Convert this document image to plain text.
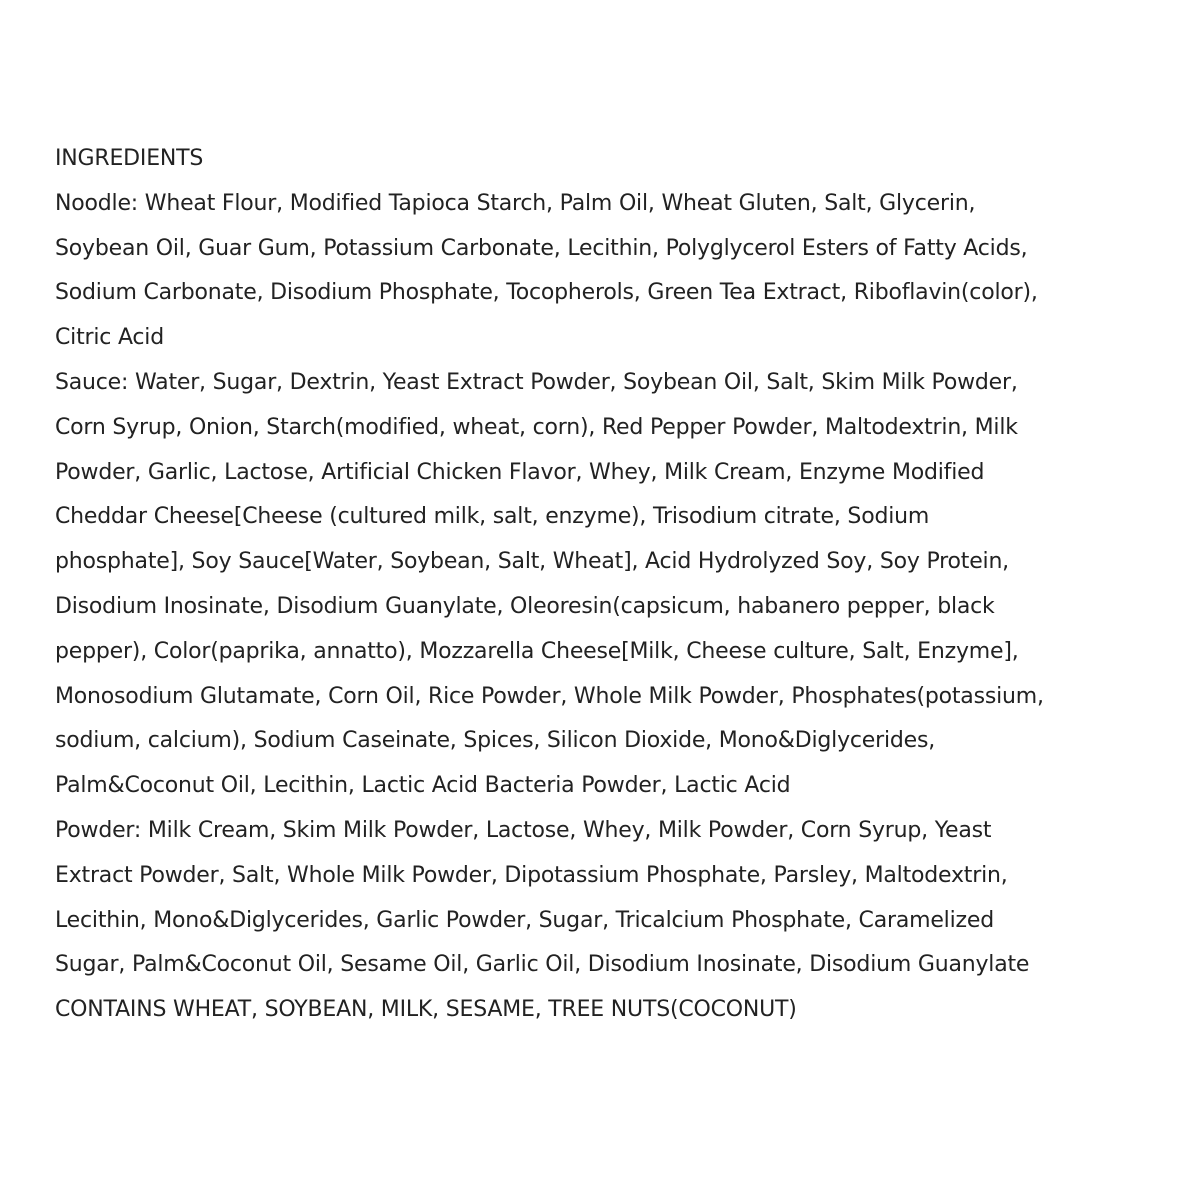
INGREDIENTS
Noodle: Wheat Flour, Modified Tapioca Starch, Palm Oil, Wheat Gluten, Salt, Glycerin,
Soybean Oil, Guar Gum, Potassium Carbonate, Lecithin, Polyglycerol Esters of Fatty Acids,
Sodium Carbonate, Disodium Phosphate, Tocopherols, Green Tea Extract, Riboflavin(color),
Citric Acid
Sauce: Water, Sugar, Dextrin, Yeast Extract Powder, Soybean Oil, Salt, Skim Milk Powder,
Corn Syrup, Onion, Starch(modified, wheat, corn), Red Pepper Powder, Maltodextrin, Milk
Powder, Garlic, Lactose, Artificial Chicken Flavor, Whey, Milk Cream, Enzyme Modified
Cheddar Cheese[Cheese (cultured milk, salt, enzyme), Trisodium citrate, Sodium
phosphate], Soy Sauce[Water, Soybean, Salt, Wheat], Acid Hydrolyzed Soy, Soy Protein,
Disodium Inosinate, Disodium Guanylate, Oleoresin(capsicum, habanero pepper, black
pepper), Color(paprika, annatto), Mozzarella Cheese[Milk, Cheese culture, Salt, Enzyme],
Monosodium Glutamate, Corn Oil, Rice Powder, Whole Milk Powder, Phosphates(potassium,
sodium, calcium), Sodium Caseinate, Spices, Silicon Dioxide, Mono&Diglycerides,
Palm&Coconut Oil, Lecithin, Lactic Acid Bacteria Powder, Lactic Acid
Powder: Milk Cream, Skim Milk Powder, Lactose, Whey, Milk Powder, Corn Syrup, Yeast
Extract Powder, Salt, Whole Milk Powder, Dipotassium Phosphate, Parsley, Maltodextrin,
Lecithin, Mono&Diglycerides, Garlic Powder, Sugar, Tricalcium Phosphate, Caramelized
Sugar, Palm&Coconut Oil, Sesame Oil, Garlic Oil, Disodium Inosinate, Disodium Guanylate
CONTAINS WHEAT, SOYBEAN, MILK, SESAME, TREE NUTS(COCONUT)
